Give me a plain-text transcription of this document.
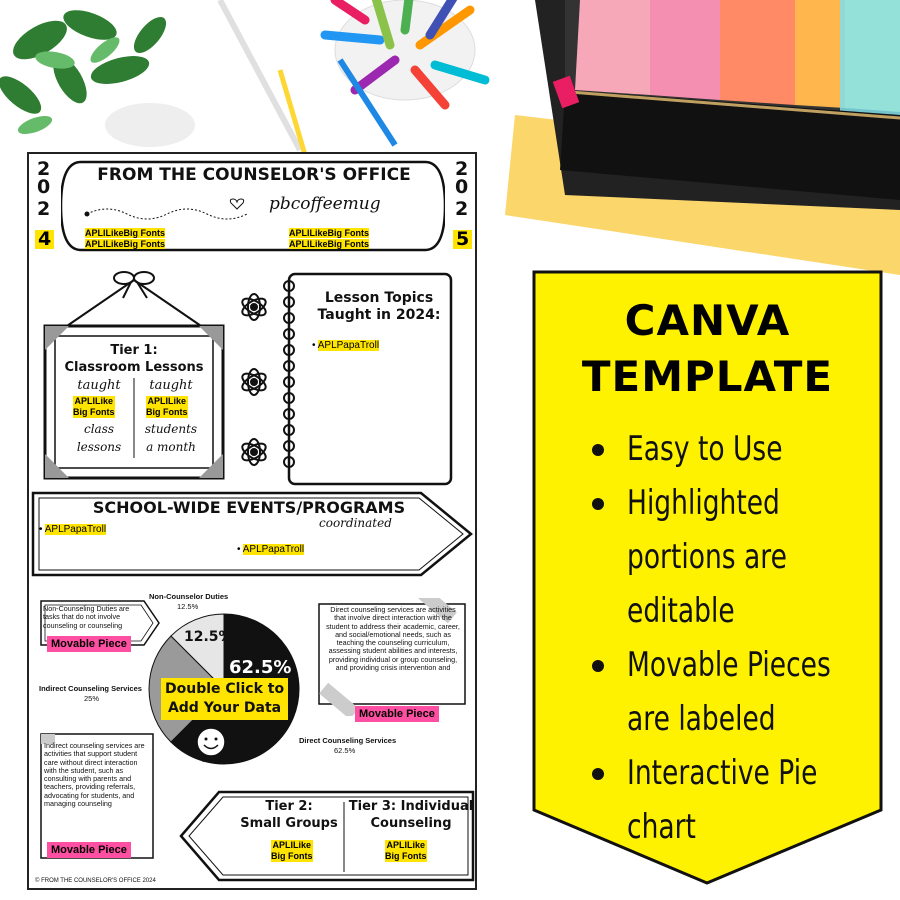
2
0
2
4
2
0
2
5
FROM THE COUNSELOR'S OFFICE
pbcoffeemug
APLILikeBig Fonts
APLILikeBig Fonts
APLILikeBig Fonts
APLILikeBig Fonts
Tier 1:
Classroom Lessons
taught	taught
APLILike
Big Fonts
APLILike
Big Fonts
class	students
lessons	a month
Lesson Topics
Taught in 2024:
• APLPapaTroll
SCHOOL-WIDE EVENTS/PROGRAMS
coordinated
• APLPapaTroll
• APLPapaTroll
12.5%
62.5%
Double Click to
Add Your Data
Non-Counselor Duties
12.5%
Indirect Counseling Services
25%
Direct Counseling Services
62.5%
Non-Counseling Duties are tasks that do not involve counseling or counseling
Movable Piece
Direct counseling services are activities that involve direct interaction with the student to address their academic, career, and social/emotional needs, such as teaching the counseling curriculum, assessing student abilities and interests, providing individual or group counseling, and providing crisis intervention and
Movable Piece
Indirect counseling services are activities that support student care without direct interaction with the student, such as consulting with parents and teachers, providing referrals, advocating for students, and managing counseling
Movable Piece
Tier 2:
Small Groups
APLILike
Big Fonts
Tier 3: Individual
Counseling
APLILike
Big Fonts
© FROM THE COUNSELOR'S OFFICE 2024
CANVA
TEMPLATE
Easy to Use
Highlighted
portions are
editable
Movable Pieces
are labeled
Interactive Pie
chart
